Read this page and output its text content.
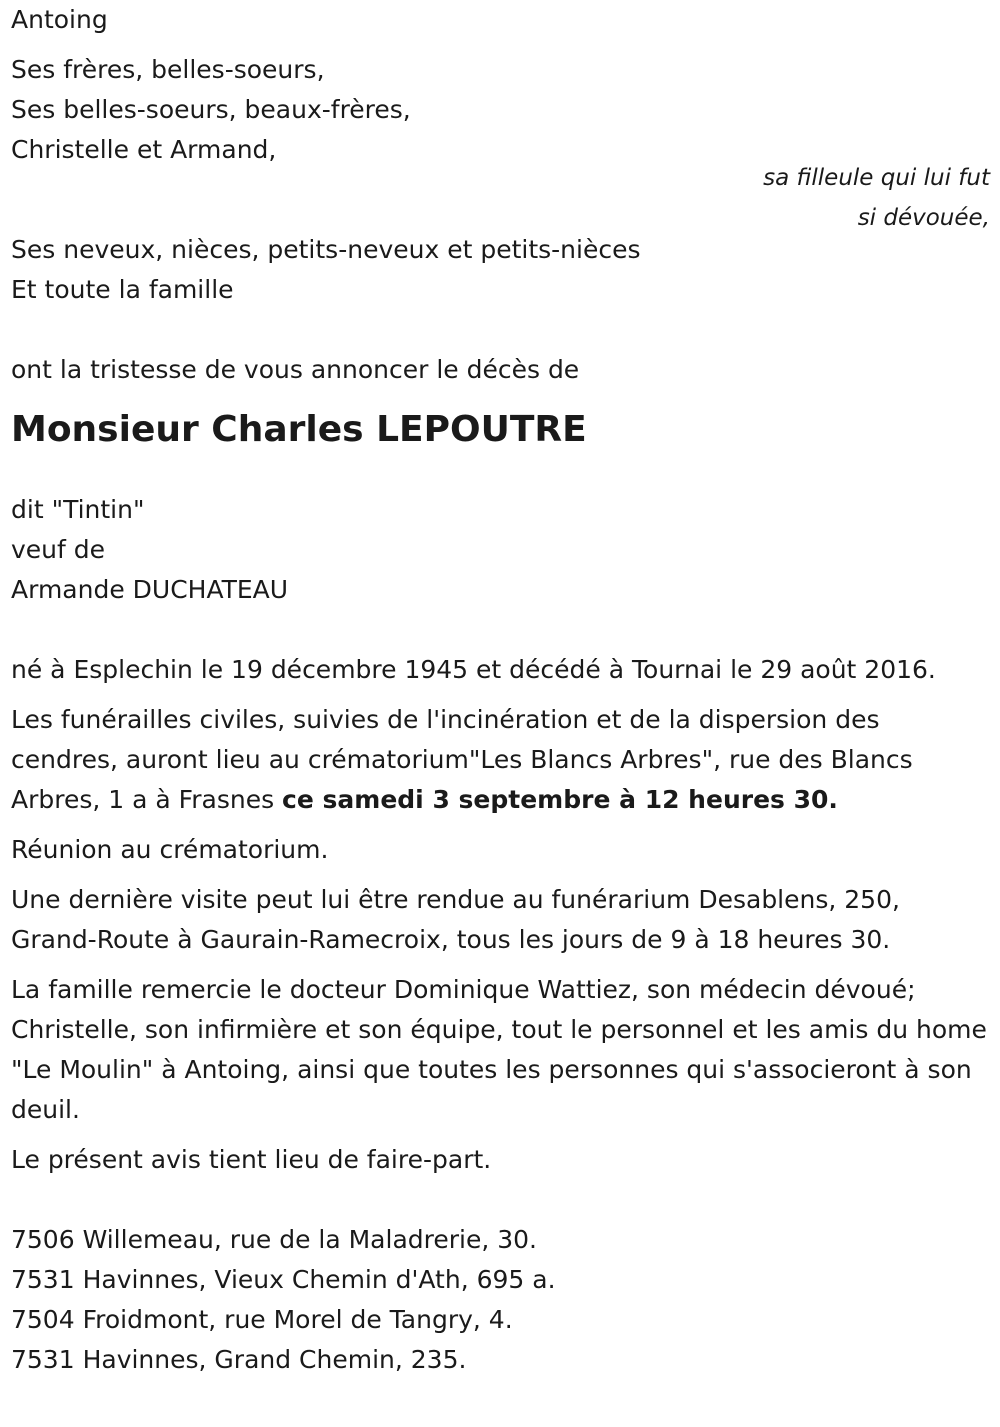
Antoing
Ses frères, belles-soeurs,
Ses belles-soeurs, beaux-frères,
Christelle et Armand,
Ses neveux, nièces, petits-neveux et petits-nièces
Et toute la famille
ont la tristesse de vous annoncer le décès de
Monsieur Charles LEPOUTRE
dit "Tintin"
veuf de
Armande DUCHATEAU
né à Esplechin le 19 décembre 1945 et décédé à Tournai le 29 août 2016.
Les funérailles civiles, suivies de l'incinération et de la dispersion des cendres, auront lieu au crématorium"Les Blancs Arbres", rue des Blancs Arbres, 1 a à Frasnes ce samedi 3 septembre à 12 heures 30.
Réunion au crématorium.
Une dernière visite peut lui être rendue au funérarium Desablens, 250, Grand-Route à Gaurain-Ramecroix, tous les jours de 9 à 18 heures 30.
La famille remercie le docteur Dominique Wattiez, son médecin dévoué; Christelle, son infirmière et son équipe, tout le personnel et les amis du home "Le Moulin" à Antoing, ainsi que toutes les personnes qui s'associeront à son deuil.
Le présent avis tient lieu de faire-part.
7506 Willemeau, rue de la Maladrerie, 30.
7531 Havinnes, Vieux Chemin d'Ath, 695 a.
7504 Froidmont, rue Morel de Tangry, 4.
7531 Havinnes, Grand Chemin, 235.
sa filleule qui lui fut
si dévouée,
